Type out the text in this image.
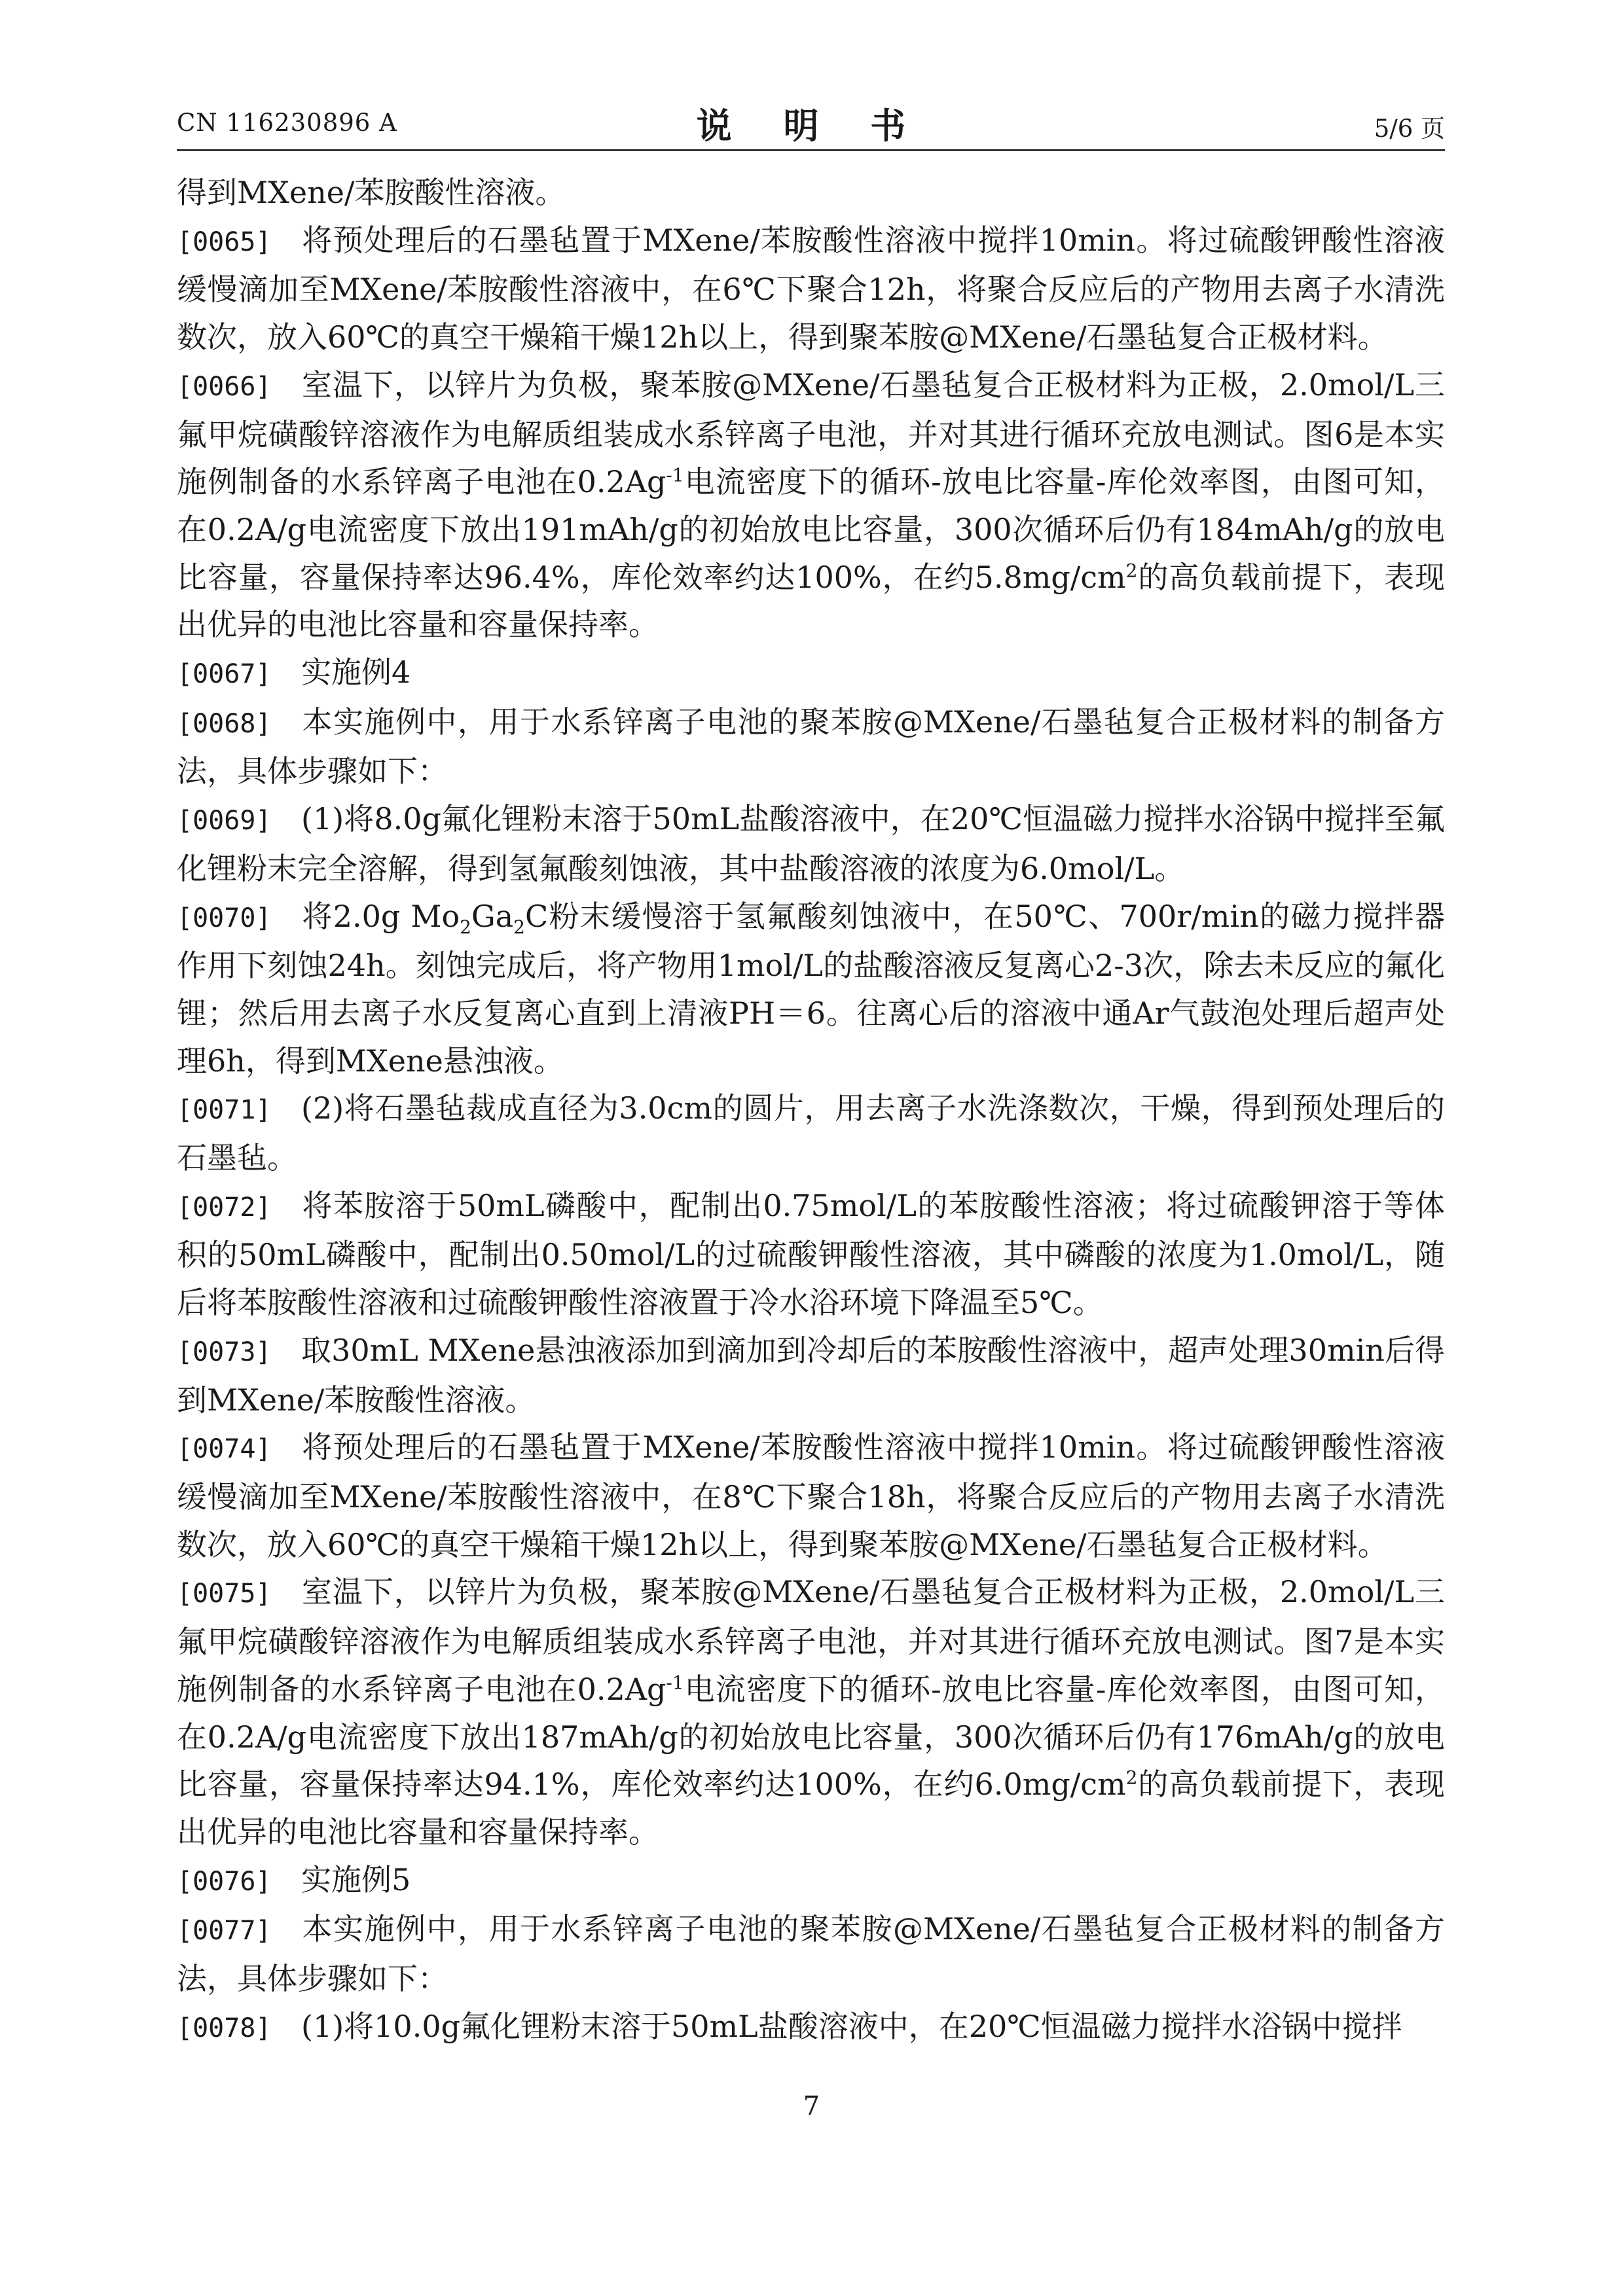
CN 116230896 A	说 明 书	5/6 页

得到MXene/苯胺酸性溶液。

[0065] 将预处理后的石墨毡置于MXene/苯胺酸性溶液中搅拌10min。将过硫酸钾酸性溶液缓慢滴加至MXene/苯胺酸性溶液中，在6℃下聚合12h，将聚合反应后的产物用去离子水清洗数次，放入60℃的真空干燥箱干燥12h以上，得到聚苯胺@MXene/石墨毡复合正极材料。

[0066] 室温下，以锌片为负极，聚苯胺@MXene/石墨毡复合正极材料为正极，2.0mol/L三氟甲烷磺酸锌溶液作为电解质组装成水系锌离子电池，并对其进行循环充放电测试。图6是本实施例制备的水系锌离子电池在$0.2Ag^{-1}$电流密度下的循环-放电比容量-库伦效率图，由图可知，在0.2A/g电流密度下放出191mAh/g的初始放电比容量，300次循环后仍有184mAh/g的放电比容量，容量保持率达96.4%，库伦效率约达100%，在约$5.8mg/cm^2$的高负载前提下，表现出优异的电池比容量和容量保持率。

[0067] 实施例4

[0068] 本实施例中，用于水系锌离子电池的聚苯胺@MXene/石墨毡复合正极材料的制备方法，具体步骤如下：

[0069] (1)将8.0g氟化锂粉末溶于50mL盐酸溶液中，在20℃恒温磁力搅拌水浴锅中搅拌至氟化锂粉末完全溶解，得到氢氟酸刻蚀液，其中盐酸溶液的浓度为6.0mol/L。

[0070] 将2.0g $Mo_2Ga_2C$粉末缓慢溶于氢氟酸刻蚀液中，在50℃、700r/min的磁力搅拌器作用下刻蚀24h。刻蚀完成后，将产物用1mol/L的盐酸溶液反复离心2-3次，除去未反应的氟化锂；然后用去离子水反复离心直到上清液PH＝6。往离心后的溶液中通Ar气鼓泡处理后超声处理6h，得到MXene悬浊液。

[0071] (2)将石墨毡裁成直径为3.0cm的圆片，用去离子水洗涤数次，干燥，得到预处理后的石墨毡。

[0072] 将苯胺溶于50mL磷酸中，配制出0.75mol/L的苯胺酸性溶液；将过硫酸钾溶于等体积的50mL磷酸中，配制出0.50mol/L的过硫酸钾酸性溶液，其中磷酸的浓度为1.0mol/L，随后将苯胺酸性溶液和过硫酸钾酸性溶液置于冷水浴环境下降温至5℃。

[0073] 取30mL MXene悬浊液添加到滴加到冷却后的苯胺酸性溶液中，超声处理30min后得到MXene/苯胺酸性溶液。

[0074] 将预处理后的石墨毡置于MXene/苯胺酸性溶液中搅拌10min。将过硫酸钾酸性溶液缓慢滴加至MXene/苯胺酸性溶液中，在8℃下聚合18h，将聚合反应后的产物用去离子水清洗数次，放入60℃的真空干燥箱干燥12h以上，得到聚苯胺@MXene/石墨毡复合正极材料。

[0075] 室温下，以锌片为负极，聚苯胺@MXene/石墨毡复合正极材料为正极，2.0mol/L三氟甲烷磺酸锌溶液作为电解质组装成水系锌离子电池，并对其进行循环充放电测试。图7是本实施例制备的水系锌离子电池在$0.2Ag^{-1}$电流密度下的循环-放电比容量-库伦效率图，由图可知，在0.2A/g电流密度下放出187mAh/g的初始放电比容量，300次循环后仍有176mAh/g的放电比容量，容量保持率达94.1%，库伦效率约达100%，在约$6.0mg/cm^2$的高负载前提下，表现出优异的电池比容量和容量保持率。

[0076] 实施例5

[0077] 本实施例中，用于水系锌离子电池的聚苯胺@MXene/石墨毡复合正极材料的制备方法，具体步骤如下：

[0078] (1)将10.0g氟化锂粉末溶于50mL盐酸溶液中，在20℃恒温磁力搅拌水浴锅中搅拌

7
